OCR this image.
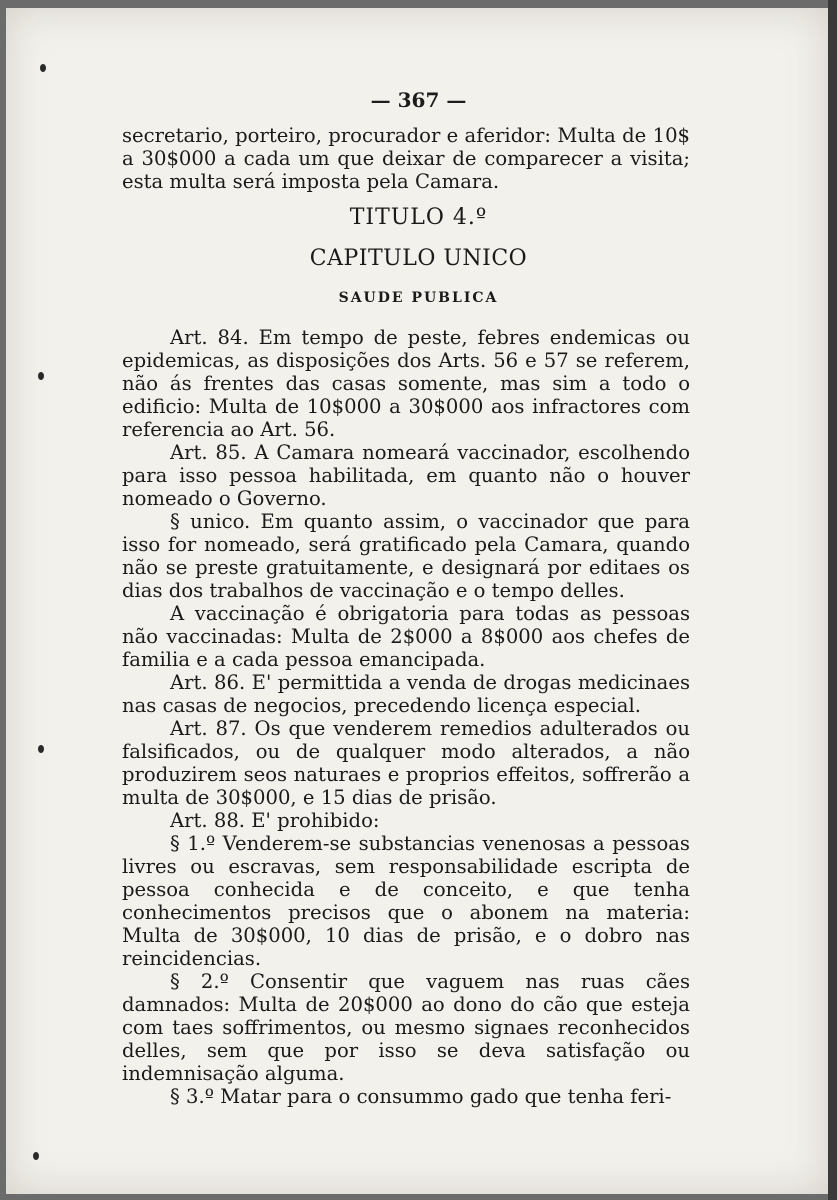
— 367 —

secretario, porteiro, procurador e aferidor: Multa de 10$ a 30$000 a cada um que deixar de comparecer a visita; esta multa será imposta pela Camara.

TITULO 4.º
CAPITULO UNICO
SAUDE PUBLICA

Art. 84. Em tempo de peste, febres endemicas ou epidemicas, as disposições dos Arts. 56 e 57 se referem, não ás frentes das casas somente, mas sim a todo o edificio: Multa de 10$000 a 30$000 aos infractores com referencia ao Art. 56.

Art. 85. A Camara nomeará vaccinador, escolhendo para isso pessoa habilitada, em quanto não o houver nomeado o Governo.

§ unico. Em quanto assim, o vaccinador que para isso for nomeado, será gratificado pela Camara, quando não se preste gratuitamente, e designará por editaes os dias dos trabalhos de vaccinação e o tempo delles.

A vaccinação é obrigatoria para todas as pessoas não vaccinadas: Multa de 2$000 a 8$000 aos chefes de familia e a cada pessoa emancipada.

Art. 86. E' permittida a venda de drogas medicinaes nas casas de negocios, precedendo licença especial.

Art. 87. Os que venderem remedios adulterados ou falsificados, ou de qualquer modo alterados, a não produzirem seos naturaes e proprios effeitos, soffrerão a multa de 30$000, e 15 dias de prisão.

Art. 88. E' prohibido:

§ 1.º Venderem-se substancias venenosas a pessoas livres ou escravas, sem responsabilidade escripta de pessoa conhecida e de conceito, e que tenha conhecimentos precisos que o abonem na materia: Multa de 30$000, 10 dias de prisão, e o dobro nas reincidencias.

§ 2.º Consentir que vaguem nas ruas cães damnados: Multa de 20$000 ao dono do cão que esteja com taes soffrimentos, ou mesmo signaes reconhecidos delles, sem que por isso se deva satisfação ou indemnisação alguma.

§ 3.º Matar para o consummo gado que tenha feri-
